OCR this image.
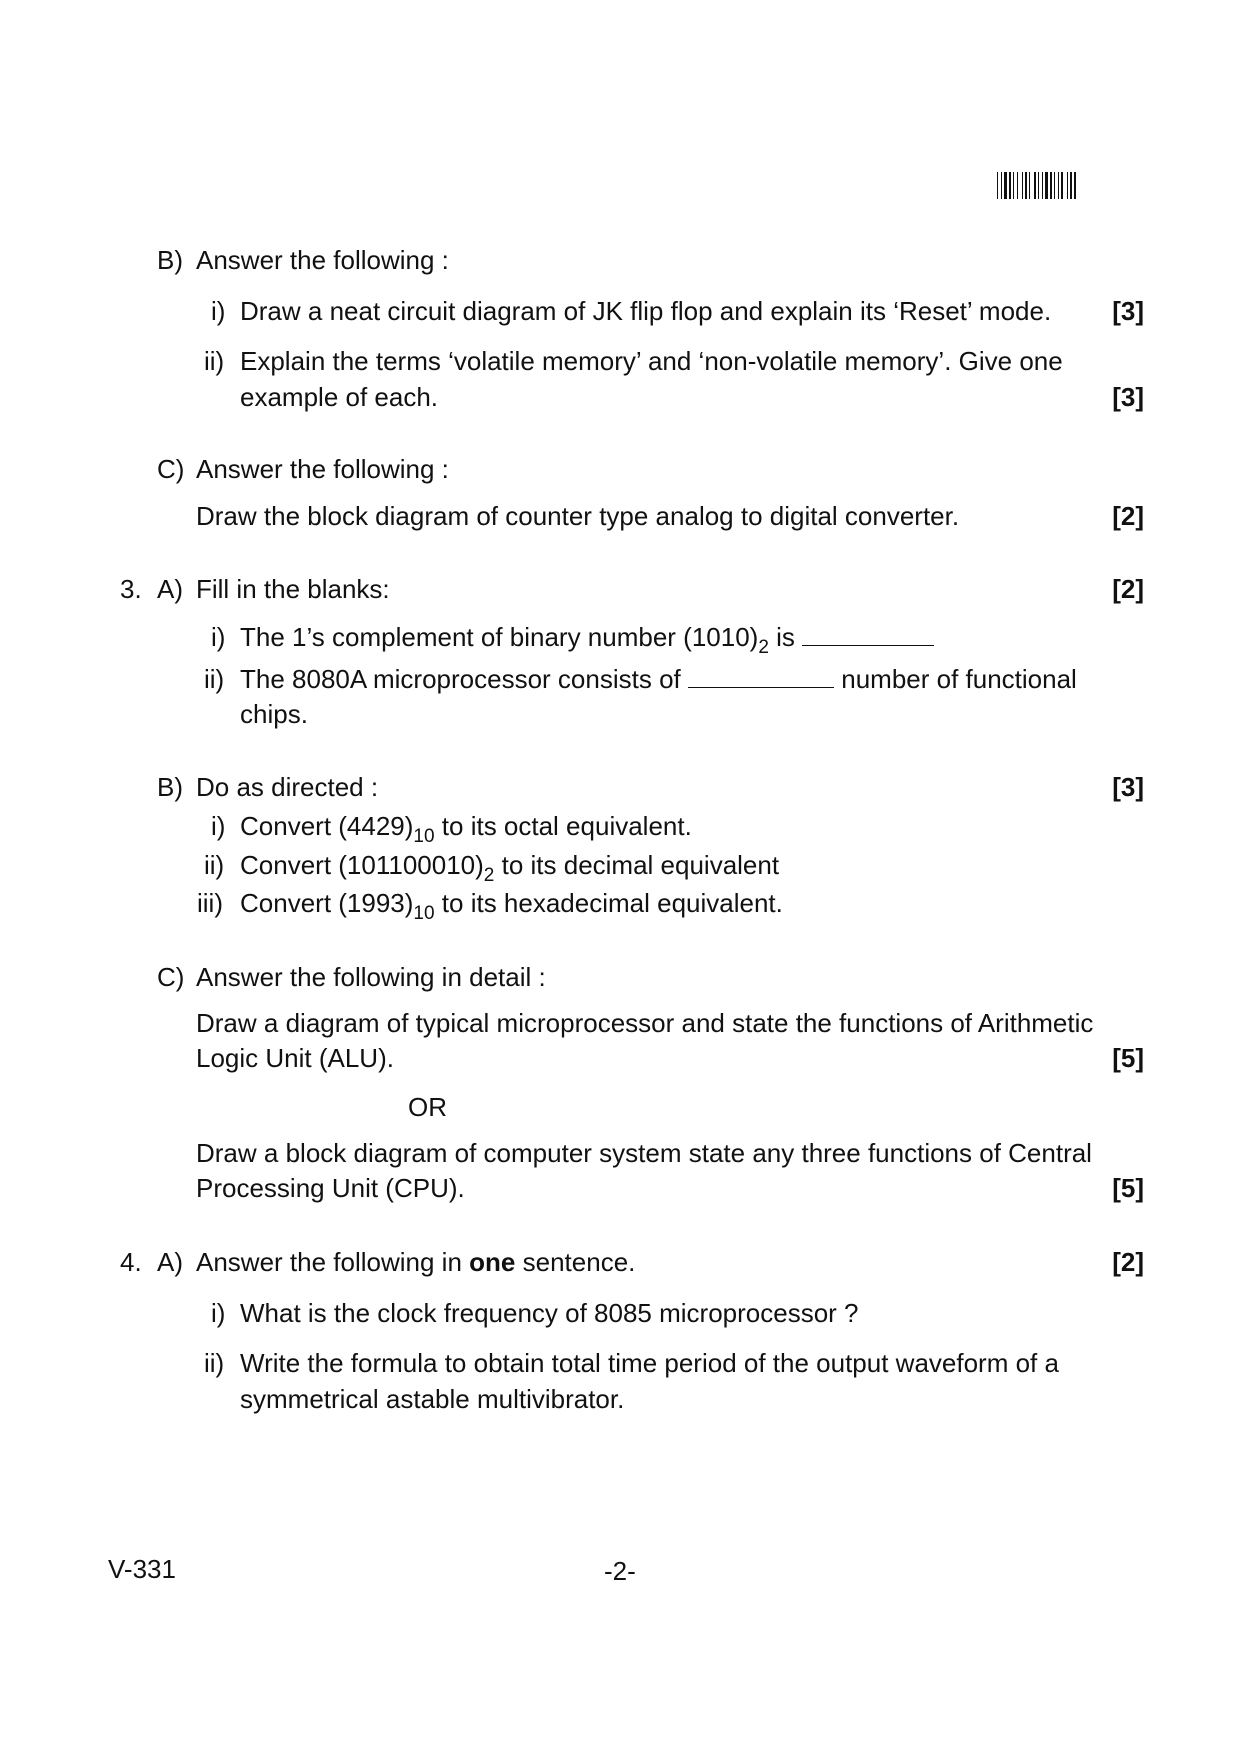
B) Answer the following :
i) Draw a neat circuit diagram of JK flip flop and explain its ‘Reset’ mode.	[3]
ii) Explain the terms ‘volatile memory’ and ‘non-volatile memory’. Give one
example of each.	[3]
C) Answer the following :
Draw the block diagram of counter type analog to digital converter.	[2]
3. A) Fill in the blanks:	[2]
i) The 1’s complement of binary number $(1010)_2$ is
ii) The 8080A microprocessor consists of	number of functional
chips.
B) Do as directed :	[3]
i) Convert $(4429)_{10}$ to its octal equivalent.
ii) Convert $(101100010)_2$ to its decimal equivalent
iii) Convert $(1993)_{10}$ to its hexadecimal equivalent.
C) Answer the following in detail :
Draw a diagram of typical microprocessor and state the functions of Arithmetic
Logic Unit (ALU).	[5]
OR
Draw a block diagram of computer system state any three functions of Central
Processing Unit (CPU).	[5]
4. A) Answer the following in one sentence.	[2]
i) What is the clock frequency of 8085 microprocessor ?
ii) Write the formula to obtain total time period of the output waveform of a
symmetrical astable multivibrator.
V-331	-2-
